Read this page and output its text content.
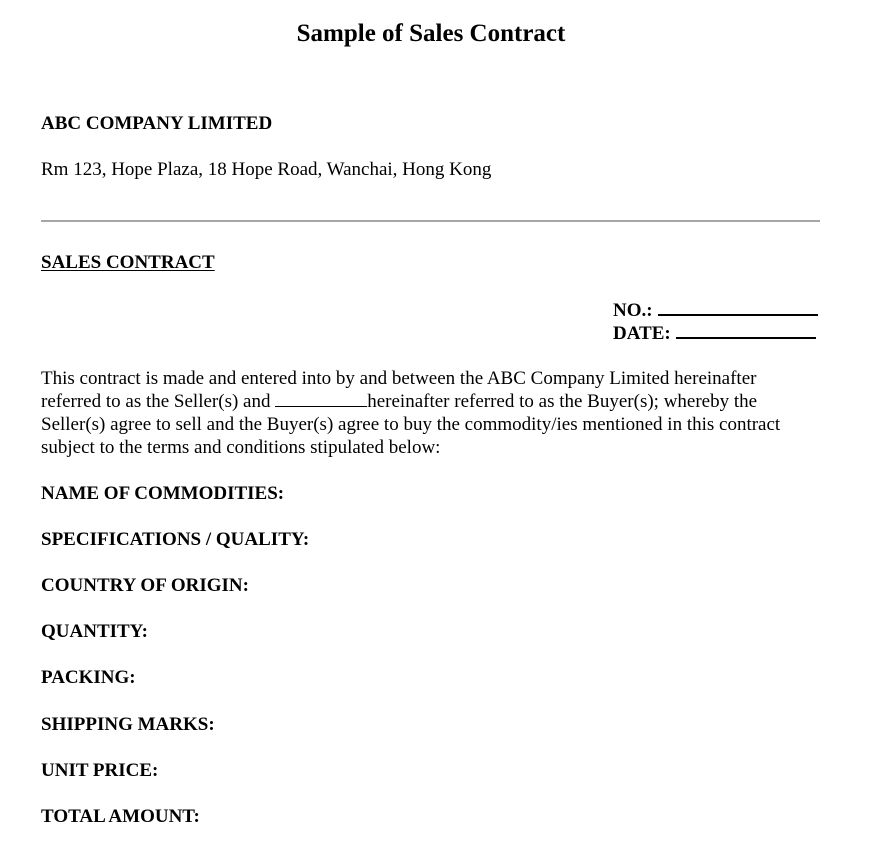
Sample of Sales Contract
ABC COMPANY LIMITED
Rm 123, Hope Plaza, 18 Hope Road, Wanchai, Hong Kong
SALES CONTRACT
NO.:
DATE:
This contract is made and entered into by and between the ABC Company Limited hereinafter
referred to as the Seller(s) and	hereinafter referred to as the Buyer(s); whereby the
Seller(s) agree to sell and the Buyer(s) agree to buy the commodity/ies mentioned in this contract
subject to the terms and conditions stipulated below:
NAME OF COMMODITIES:
SPECIFICATIONS / QUALITY:
COUNTRY OF ORIGIN:
QUANTITY:
PACKING:
SHIPPING MARKS:
UNIT PRICE:
TOTAL AMOUNT:
